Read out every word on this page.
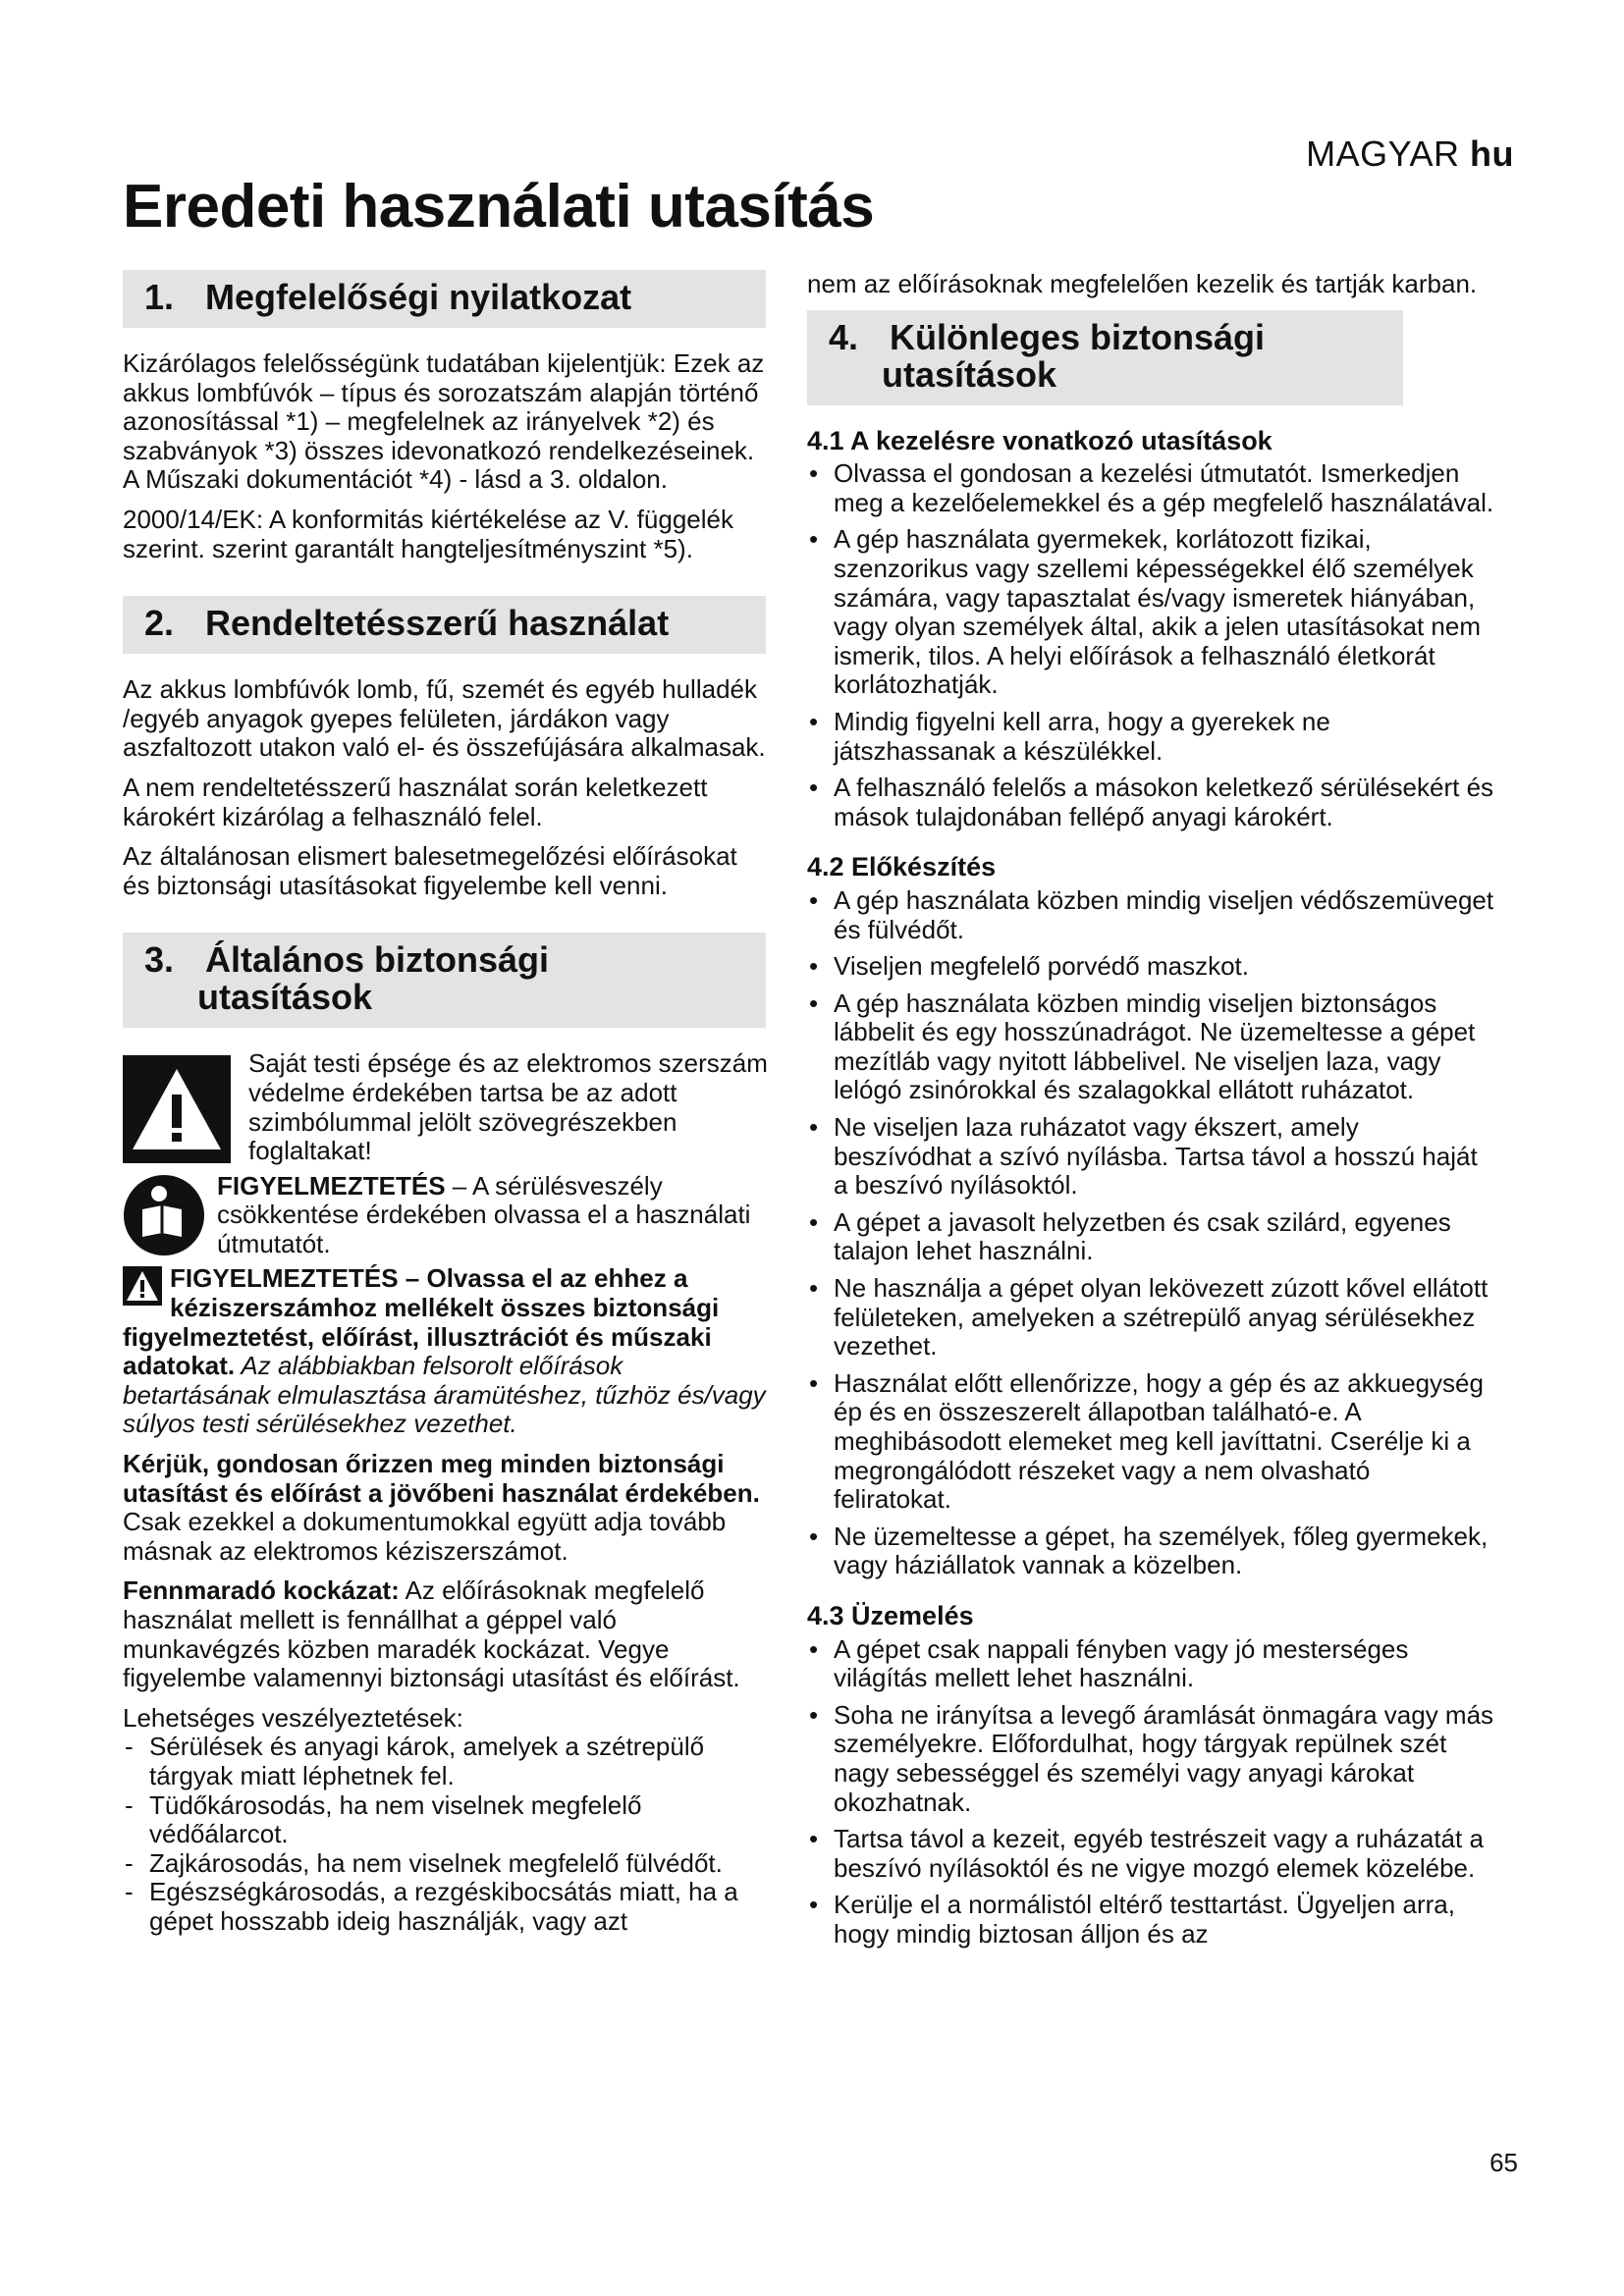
MAGYAR hu
Eredeti használati utasítás
1. Megfelelőségi nyilatkozat

Kizárólagos felelősségünk tudatában kijelentjük: Ezek az akkus lombfúvók – típus és sorozatszám alapján történő azonosítással *1) – megfelelnek az irányelvek *2) és szabványok *3) összes idevonatkozó rendelkezéseinek. A Műszaki dokumentációt *4) - lásd a 3. oldalon.

2000/14/EK: A konformitás kiértékelése az V. függelék szerint. szerint garantált hangteljesítményszint *5).

2. Rendeltetésszerű használat

Az akkus lombfúvók lomb, fű, szemét és egyéb hulladék /egyéb anyagok gyepes felületen, járdákon vagy aszfaltozott utakon való el- és összefújására alkalmasak.

A nem rendeltetésszerű használat során keletkezett károkért kizárólag a felhasználó felel.

Az általánosan elismert balesetmegelőzési előírásokat és biztonsági utasításokat figyelembe kell venni.

3. Általános biztonsági
utasítások
Saját testi épsége és az elektromos szerszám védelme érdekében tartsa be az adott szimbólummal jelölt szövegrészekben foglaltakat!
FIGYELMEZTETÉS – A sérülésveszély csökkentése érdekében olvassa el a használati útmutatót.

FIGYELMEZTETÉS – Olvassa el az ehhez a kéziszerszámhoz mellékelt összes biztonsági figyelmeztetést, előírást, illusztrációt és műszaki adatokat. Az alábbiakban felsorolt előírások betartásának elmulasztása áramütéshez, tűzhöz és/vagy súlyos testi sérülésekhez vezethet.

Kérjük, gondosan őrizzen meg minden biztonsági utasítást és előírást a jövőbeni használat érdekében. Csak ezekkel a dokumentumokkal együtt adja tovább másnak az elektromos kéziszerszámot.

Fennmaradó kockázat: Az előírásoknak megfelelő használat mellett is fennállhat a géppel való munkavégzés közben maradék kockázat. Vegye figyelembe valamennyi biztonsági utasítást és előírást.

Lehetséges veszélyeztetések:
- Sérülések és anyagi károk, amelyek a szétrepülő tárgyak miatt léphetnek fel.
- Tüdőkárosodás, ha nem viselnek megfelelő védőálarcot.
- Zajkárosodás, ha nem viselnek megfelelő fülvédőt.
- Egészségkárosodás, a rezgéskibocsátás miatt, ha a gépet hosszabb ideig használják, vagy azt

nem az előírásoknak megfelelően kezelik és tartják karban.

4. Különleges biztonsági
utasítások
4.1 A kezelésre vonatkozó utasítások
• Olvassa el gondosan a kezelési útmutatót. Ismerkedjen meg a kezelőelemekkel és a gép megfelelő használatával.
• A gép használata gyermekek, korlátozott fizikai, szenzorikus vagy szellemi képességekkel élő személyek számára, vagy tapasztalat és/vagy ismeretek hiányában, vagy olyan személyek által, akik a jelen utasításokat nem ismerik, tilos. A helyi előírások a felhasználó életkorát korlátozhatják.
• Mindig figyelni kell arra, hogy a gyerekek ne játszhassanak a készülékkel.
• A felhasználó felelős a másokon keletkező sérülésekért és mások tulajdonában fellépő anyagi károkért.
4.2 Előkészítés
• A gép használata közben mindig viseljen védőszemüveget és fülvédőt.
• Viseljen megfelelő porvédő maszkot.
• A gép használata közben mindig viseljen biztonságos lábbelit és egy hosszúnadrágot. Ne üzemeltesse a gépet mezítláb vagy nyitott lábbelivel. Ne viseljen laza, vagy lelógó zsinórokkal és szalagokkal ellátott ruházatot.
• Ne viseljen laza ruházatot vagy ékszert, amely beszívódhat a szívó nyílásba. Tartsa távol a hosszú haját a beszívó nyílásoktól.
• A gépet a javasolt helyzetben és csak szilárd, egyenes talajon lehet használni.
• Ne használja a gépet olyan lekövezett zúzott kővel ellátott felületeken, amelyeken a szétrepülő anyag sérülésekhez vezethet.
• Használat előtt ellenőrizze, hogy a gép és az akkuegység ép és en összeszerelt állapotban található-e. A meghibásodott elemeket meg kell javíttatni. Cserélje ki a megrongálódott részeket vagy a nem olvasható feliratokat.
• Ne üzemeltesse a gépet, ha személyek, főleg gyermekek, vagy háziállatok vannak a közelben.
4.3 Üzemelés
• A gépet csak nappali fényben vagy jó mesterséges világítás mellett lehet használni.
• Soha ne irányítsa a levegő áramlását önmagára vagy más személyekre. Előfordulhat, hogy tárgyak repülnek szét nagy sebességgel és személyi vagy anyagi károkat okozhatnak.
• Tartsa távol a kezeit, egyéb testrészeit vagy a ruházatát a beszívó nyílásoktól és ne vigye mozgó elemek közelébe.
• Kerülje el a normálistól eltérő testtartást. Ügyeljen arra, hogy mindig biztosan álljon és az
65
